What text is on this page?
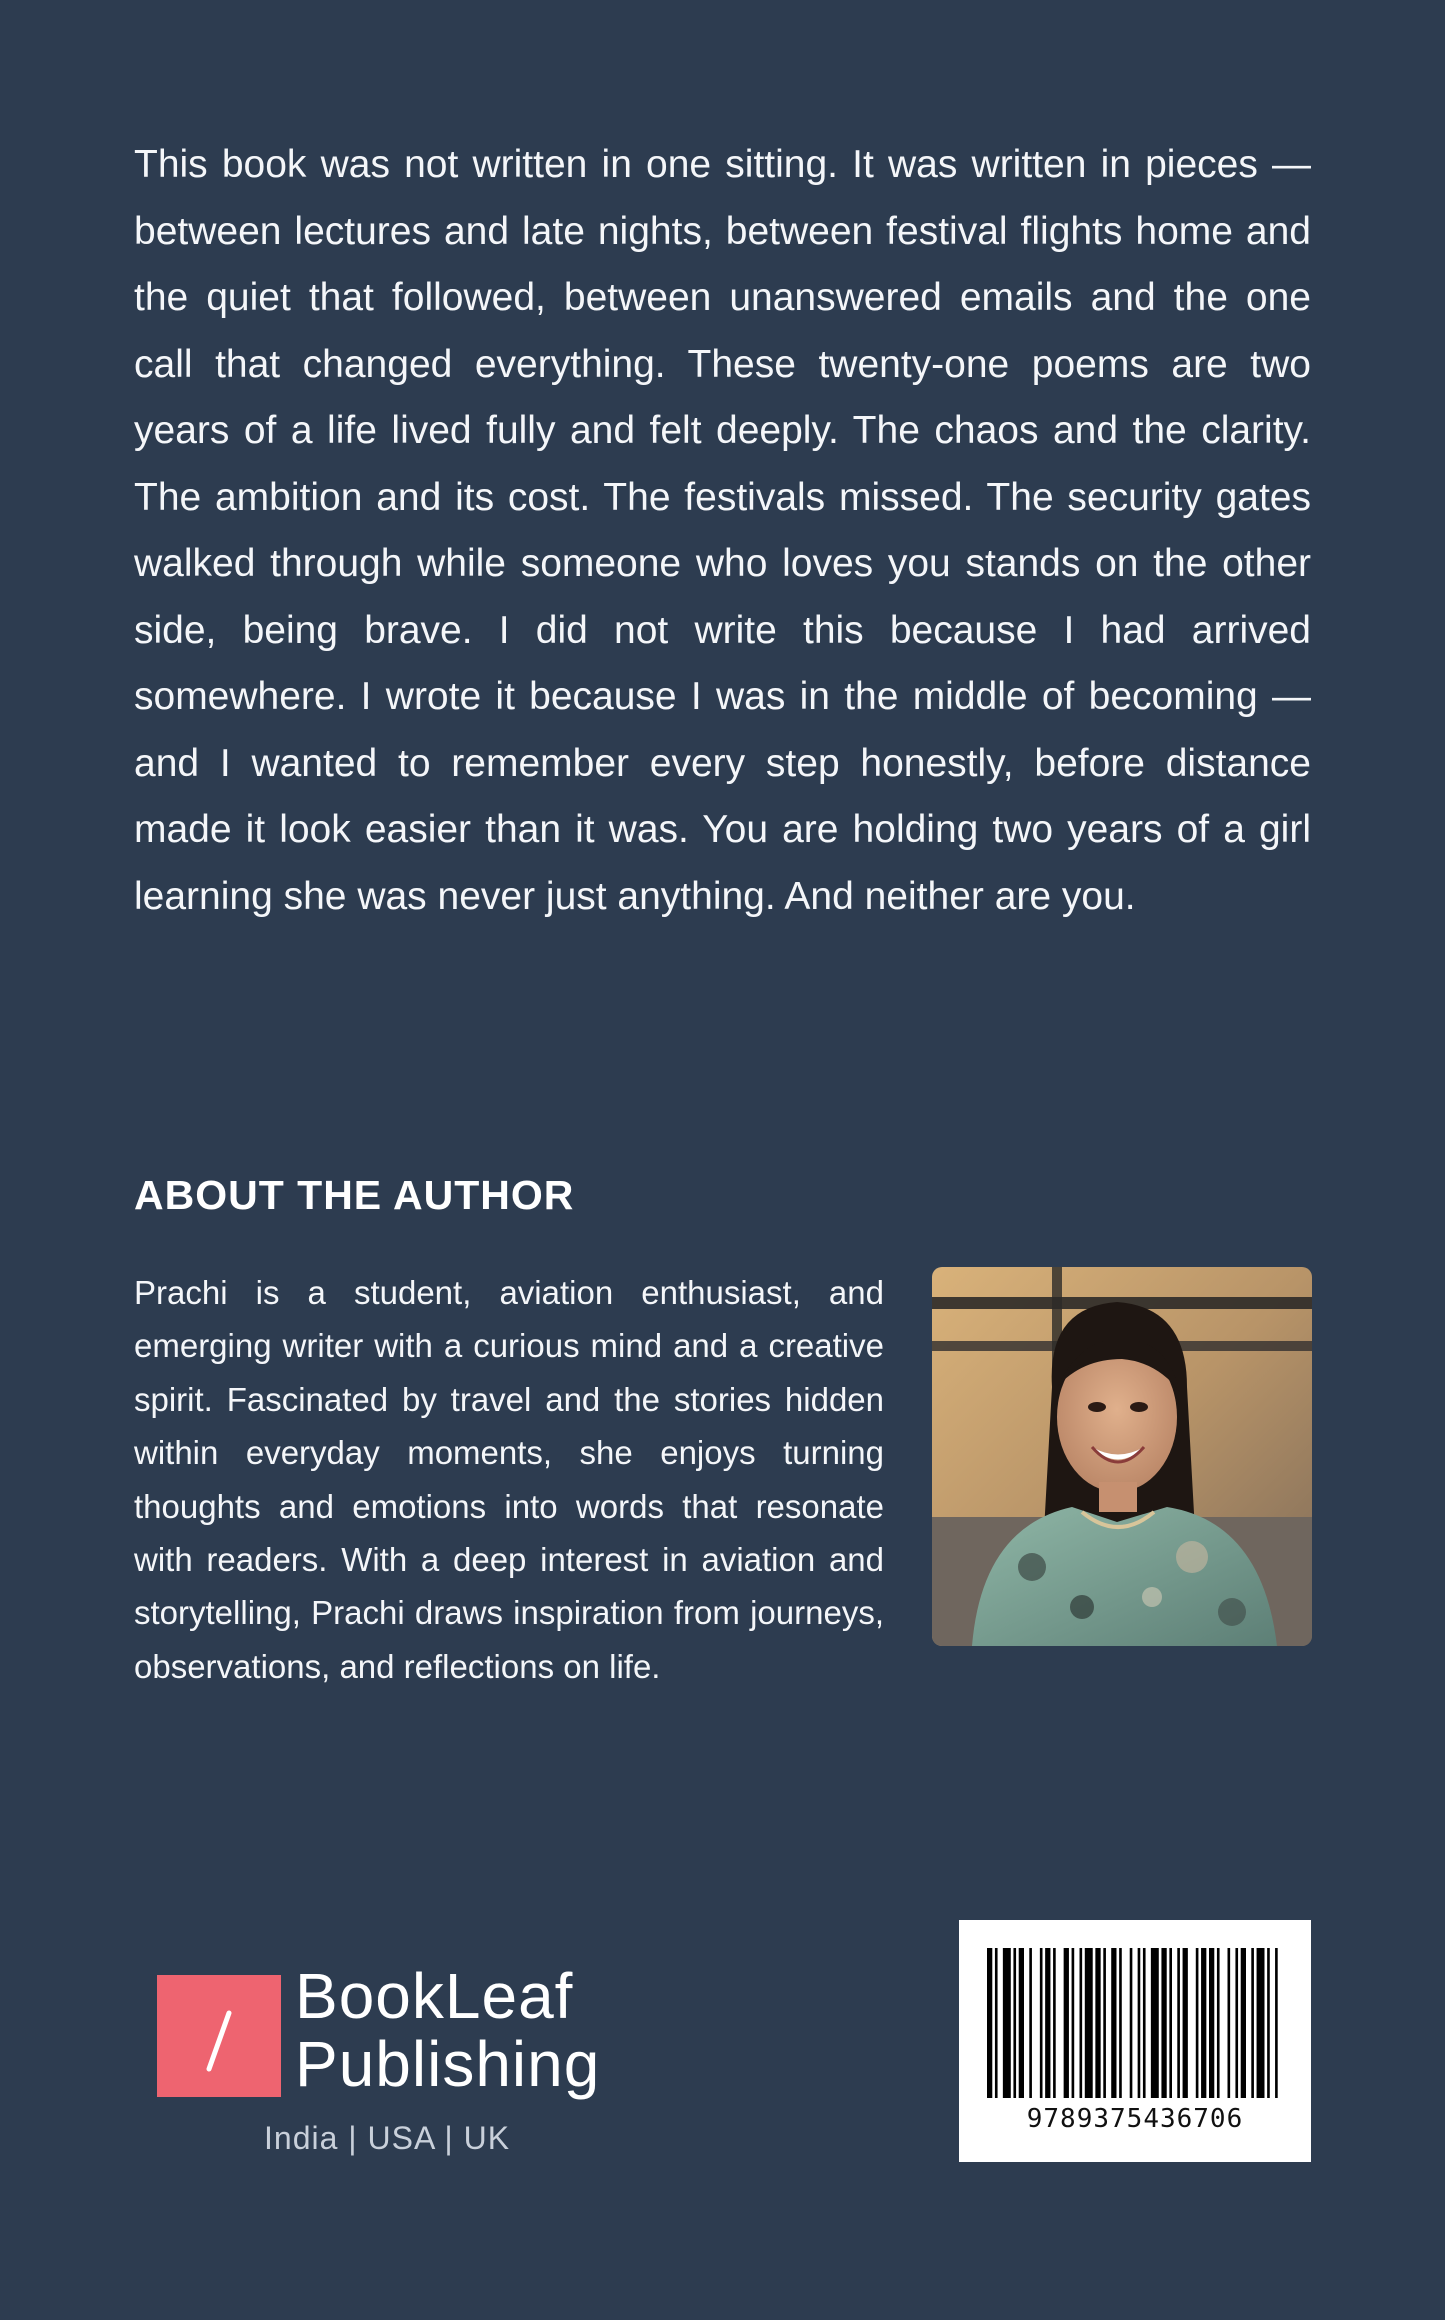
This book was not written in one sitting. It was written in pieces — between lectures and late nights, between festival flights home and the quiet that followed, between unanswered emails and the one call that changed everything. These twenty-one poems are two years of a life lived fully and felt deeply. The chaos and the clarity. The ambition and its cost. The festivals missed. The security gates walked through while someone who loves you stands on the other side, being brave. I did not write this because I had arrived somewhere. I wrote it because I was in the middle of becoming — and I wanted to remember every step honestly, before distance made it look easier than it was. You are holding two years of a girl learning she was never just anything. And neither are you.

ABOUT THE AUTHOR

Prachi is a student, aviation enthusiast, and emerging writer with a curious mind and a creative spirit. Fascinated by travel and the stories hidden within everyday moments, she enjoys turning thoughts and emotions into words that resonate with readers. With a deep interest in aviation and storytelling, Prachi draws inspiration from journeys, observations, and reflections on life.

BookLeaf
Publishing
India | USA | UK
9789375436706
